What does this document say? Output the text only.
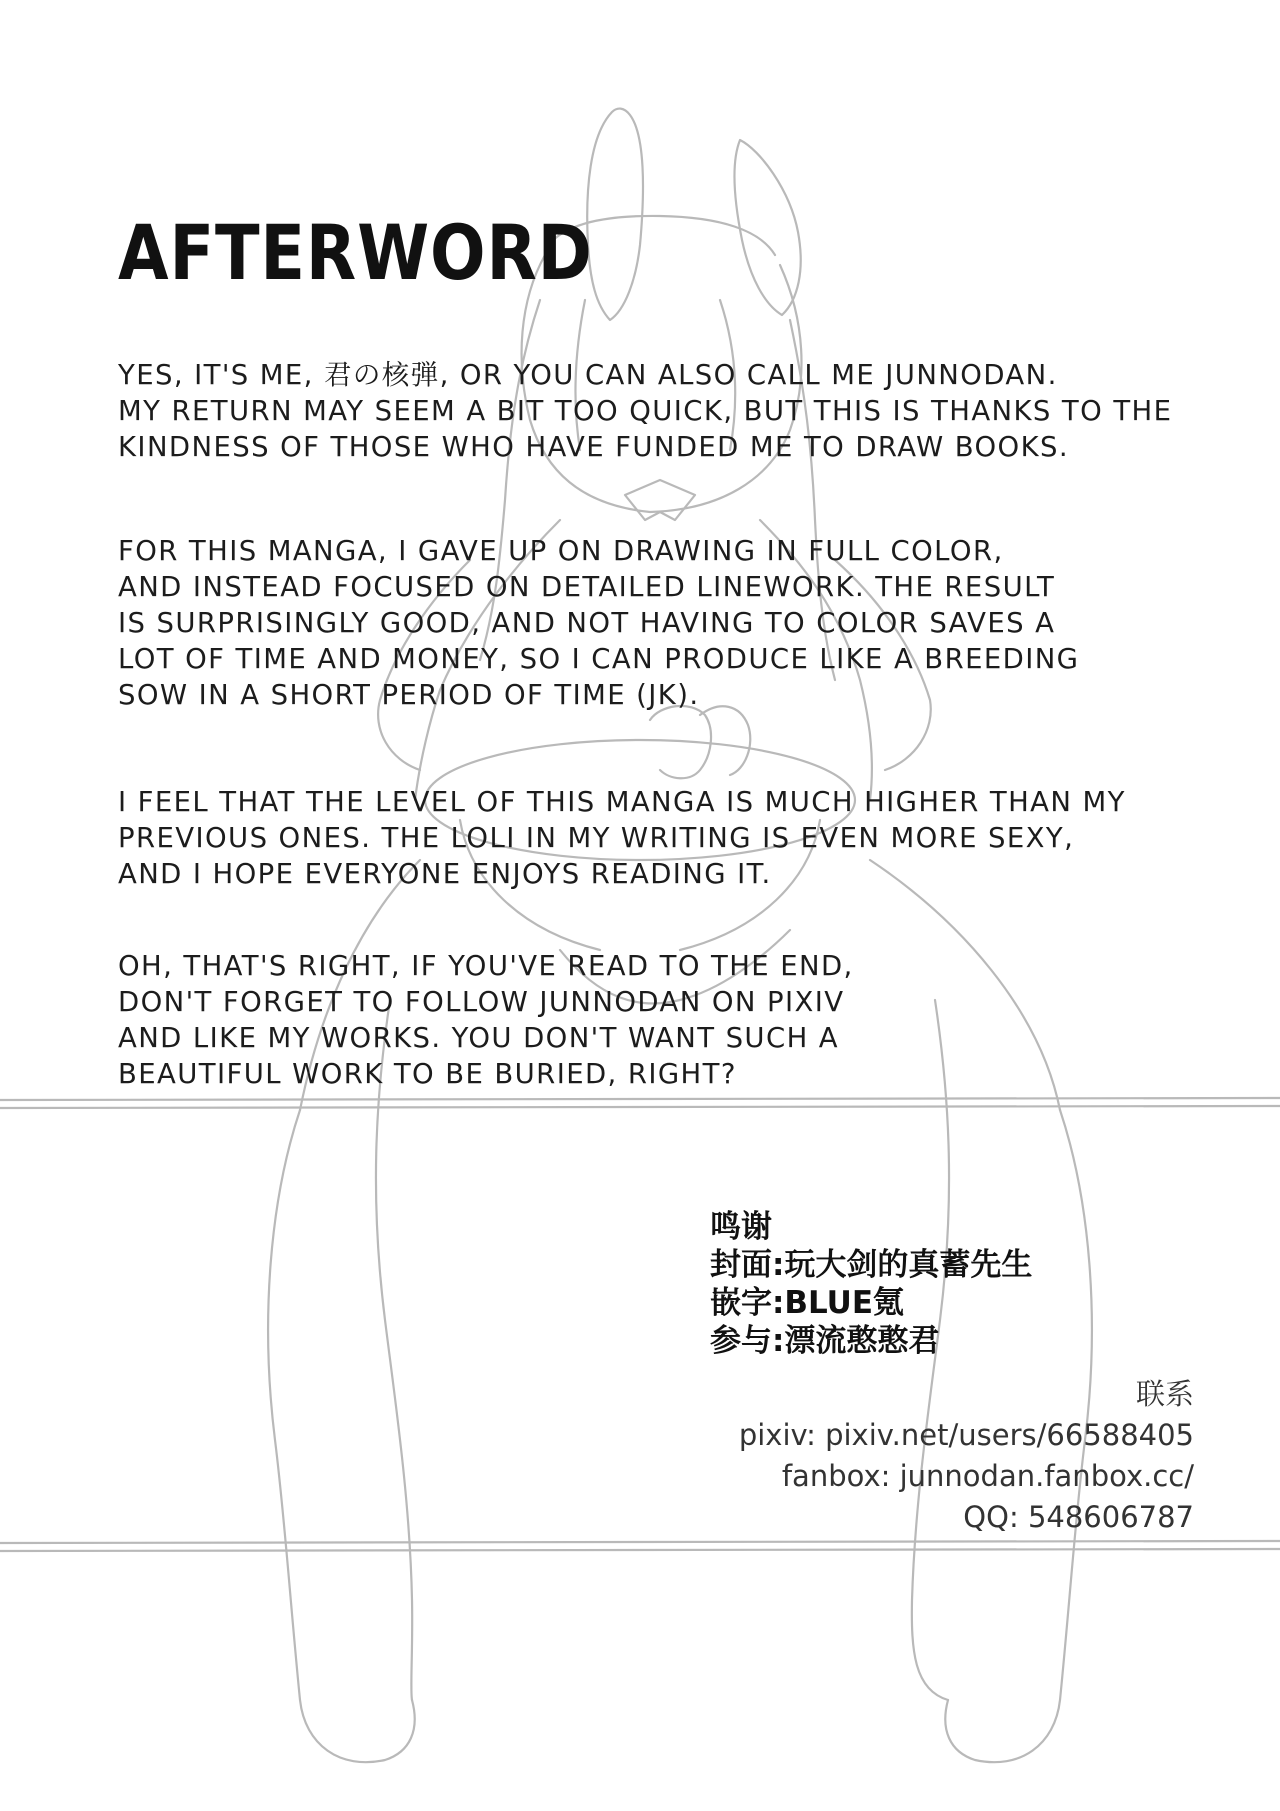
AFTERWORD

YES, IT'S ME, 君の核弾, OR YOU CAN ALSO CALL ME JUNNODAN.
MY RETURN MAY SEEM A BIT TOO QUICK, BUT THIS IS THANKS TO THE
KINDNESS OF THOSE WHO HAVE FUNDED ME TO DRAW BOOKS.

FOR THIS MANGA, I GAVE UP ON DRAWING IN FULL COLOR,
AND INSTEAD FOCUSED ON DETAILED LINEWORK. THE RESULT
IS SURPRISINGLY GOOD, AND NOT HAVING TO COLOR SAVES A
LOT OF TIME AND MONEY, SO I CAN PRODUCE LIKE A BREEDING
SOW IN A SHORT PERIOD OF TIME (JK).

I FEEL THAT THE LEVEL OF THIS MANGA IS MUCH HIGHER THAN MY
PREVIOUS ONES. THE LOLI IN MY WRITING IS EVEN MORE SEXY,
AND I HOPE EVERYONE ENJOYS READING IT.

OH, THAT'S RIGHT, IF YOU'VE READ TO THE END,
DON'T FORGET TO FOLLOW JUNNODAN ON PIXIV
AND LIKE MY WORKS. YOU DON'T WANT SUCH A
BEAUTIFUL WORK TO BE BURIED, RIGHT?

鸣谢
封面:玩大剑的真蓄先生
嵌字:BLUE氪
参与:漂流憨憨君
联系
pixiv: pixiv.net/users/66588405
fanbox: junnodan.fanbox.cc/
QQ: 548606787
